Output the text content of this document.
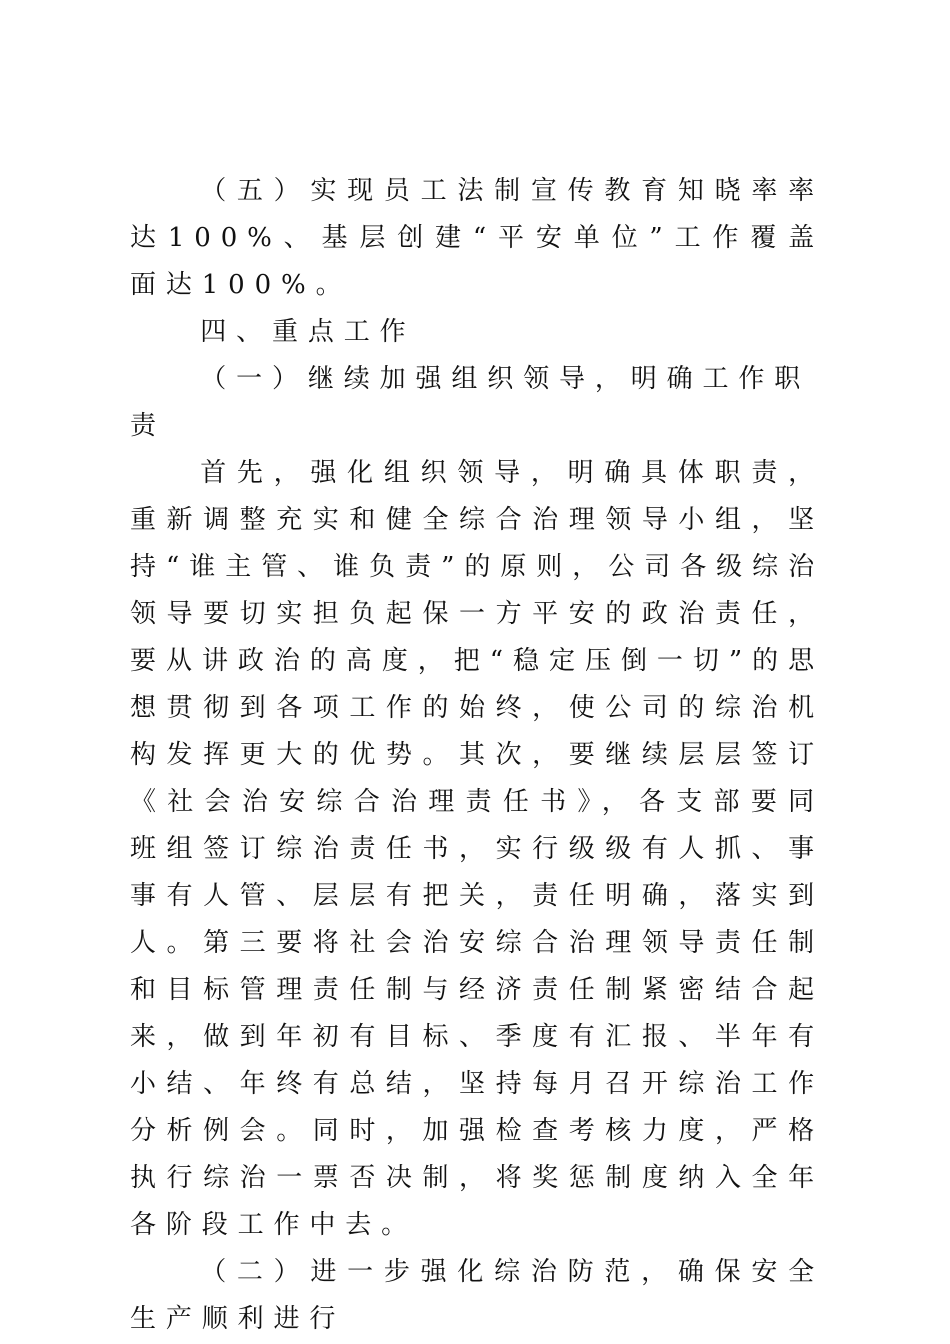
（五）实现员工法制宣传教育知晓率率达100%、基层创建“平安单位”工作覆盖面达100%。

四、重点工作

（一）继续加强组织领导，明确工作职责

首先，强化组织领导，明确具体职责，重新调整充实和健全综合治理领导小组，坚持“谁主管、谁负责”的原则，公司各级综治领导要切实担负起保一方平安的政治责任，要从讲政治的高度，把“稳定压倒一切”的思想贯彻到各项工作的始终，使公司的综治机构发挥更大的优势。其次，要继续层层签订《社会治安综合治理责任书》，各支部要同班组签订综治责任书，实行级级有人抓、事事有人管、层层有把关，责任明确，落实到人。第三要将社会治安综合治理领导责任制和目标管理责任制与经济责任制紧密结合起来，做到年初有目标、季度有汇报、半年有小结、年终有总结，坚持每月召开综治工作分析例会。同时，加强检查考核力度，严格执行综治一票否决制，将奖惩制度纳入全年各阶段工作中去。

（二）进一步强化综治防范，确保安全生产顺利进行
